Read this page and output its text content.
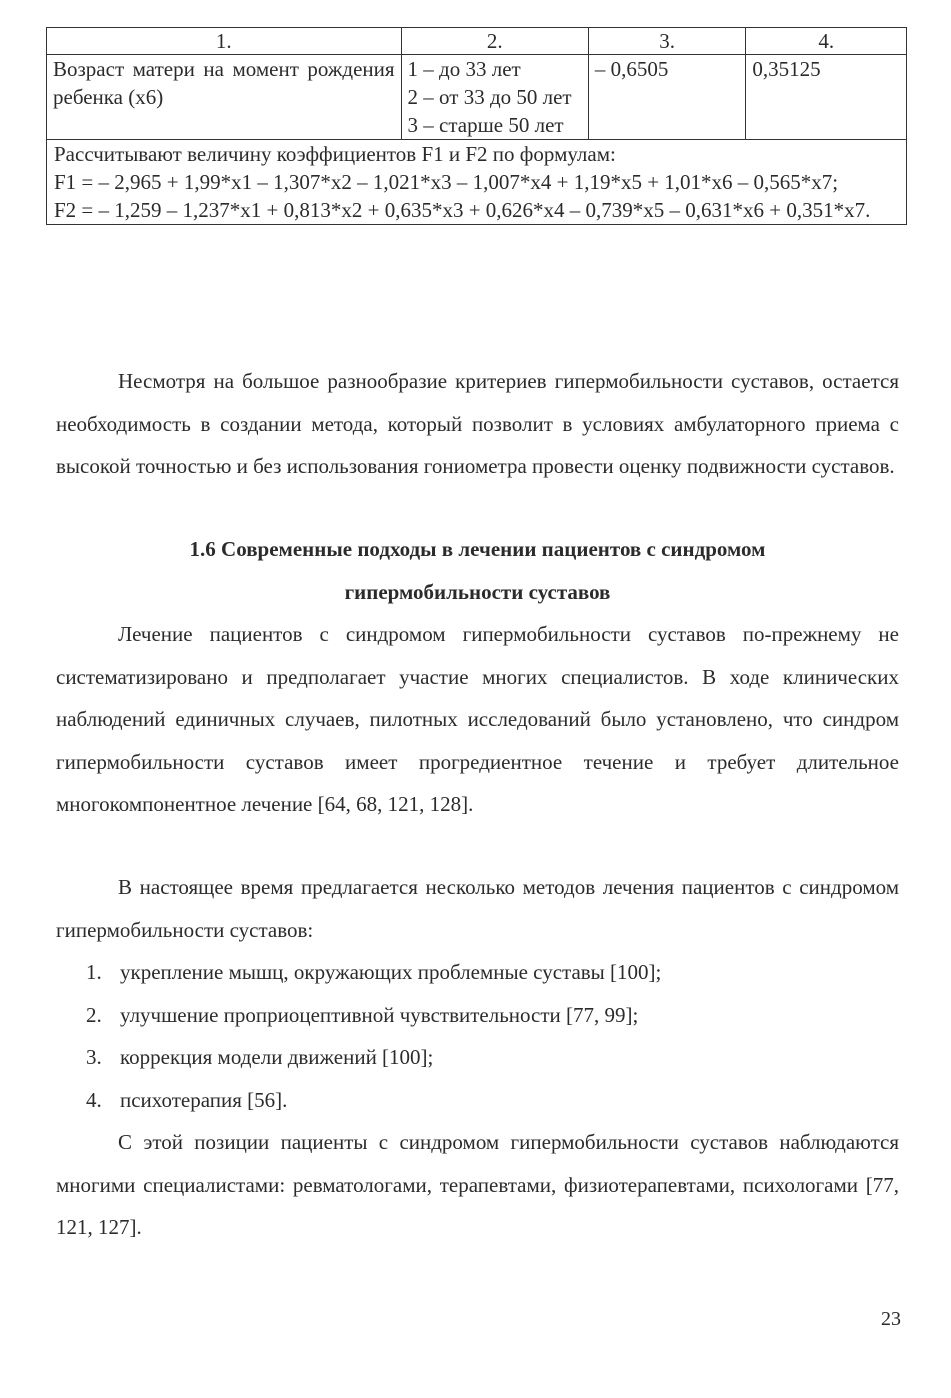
1.	2.	3.	4.
Возраст матери на момент рождения ребенка (x6)	1 – до 33 лет
2 – от 33 до 50 лет
3 – старше 50 лет	– 0,6505	0,35125

Рассчитывают величину коэффициентов F1 и F2 по формулам:
F1 = – 2,965 + 1,99*x1 – 1,307*x2 – 1,021*x3 – 1,007*x4 + 1,19*x5 + 1,01*x6 – 0,565*x7;
F2 = – 1,259 – 1,237*x1 + 0,813*x2 + 0,635*x3 + 0,626*x4 – 0,739*x5 – 0,631*x6 + 0,351*x7.			

Несмотря на большое разнообразие критериев гипермобильности суставов, остается необходимость в создании метода, который позволит в условиях амбулаторного приема с высокой точностью и без использования гониометра провести оценку подвижности суставов.

1.6 Современные подходы в лечении пациентов с синдромом
гипермобильности суставов

Лечение пациентов с синдромом гипермобильности суставов по-прежнему не систематизировано и предполагает участие многих специалистов. В ходе клинических наблюдений единичных случаев, пилотных исследований было установлено, что синдром гипермобильности суставов имеет прогредиентное течение и требует длительное многокомпонентное лечение [64, 68, 121, 128].

В настоящее время предлагается несколько методов лечения пациентов с синдромом гипермобильности суставов:

1. укрепление мышц, окружающих проблемные суставы [100];
2. улучшение проприоцептивной чувствительности [77, 99];
3. коррекция модели движений [100];
4. психотерапия [56].

С этой позиции пациенты с синдромом гипермобильности суставов наблюдаются многими специалистами: ревматологами, терапевтами, физиотерапевтами, психологами [77, 121, 127].

23
